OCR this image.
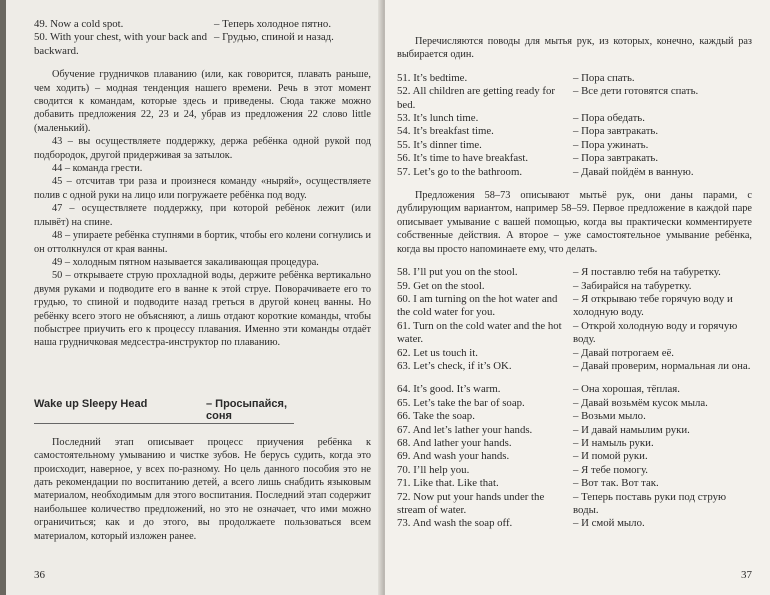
49. Now a cold spot.	– Теперь холодное пятно.
50. With your chest, with your back and backward.
– Грудью, спиной и назад.

Обучение грудничков плаванию (или, как говорится, плавать раньше, чем ходить) – модная тенденция нашего времени. Речь в этот момент сводится к командам, которые здесь и приведены. Сюда также можно добавить предложения 22, 23 и 24, убрав из предложения 22 слово little (маленький).

43 – вы осуществляете поддержку, держа ребёнка одной рукой под подбородок, другой придерживая за затылок.

44 – команда грести.

45 – отсчитав три раза и произнеся команду «ныряй», осуществляете полив с одной руки на лицо или погружаете ребёнка под воду.

47 – осуществляете поддержку, при которой ребёнок лежит (или плывёт) на спине.

48 – упираете ребёнка ступнями в бортик, чтобы его колени согнулись и он оттолкнулся от края ванны.

49 – холодным пятном называется закаливающая процедура.

50 – открываете струю прохладной воды, держите ребёнка вертикально двумя руками и подводите его в ванне к этой струе. Поворачиваете его то грудью, то спиной и подводите назад греться в другой конец ванны. Но ребёнку всего этого не объясняют, а лишь отдают короткие команды, чтобы побыстрее приучить его к процессу плавания. Именно эти команды отдаёт наша грудничковая медсестра-инструктор по плаванию.

Wake up Sleepy Head	– Просыпайся, соня

Последний этап описывает процесс приучения ребёнка к самостоятельному умыванию и чистке зубов. Не берусь судить, когда это происходит, наверное, у всех по-разному. Но цель данного пособия это не дать рекомендации по воспитанию детей, а всего лишь снабдить языковым материалом, необходимым для этого воспитания. Последний этап содержит наибольшее количество предложений, но это не означает, что ими можно ограничиться; как и до этого, вы продолжаете пользоваться всем материалом, который изложен ранее.

36

Перечисляются поводы для мытья рук, из которых, конечно, каждый раз выбирается один.

51. It’s bedtime.	– Пора спать.
52. All children are getting ready for bed.
– Все дети готовятся спать.
53. It’s lunch time.	– Пора обедать.
54. It’s breakfast time.	– Пора завтракать.
55. It’s dinner time.	– Пора ужинать.
56. It’s time to have breakfast.	– Пора завтракать.
57. Let’s go to the bathroom.	– Давай пойдём в ванную.

Предложения 58–73 описывают мытьё рук, они даны парами, с дублирующим вариантом, например 58–59. Первое предложение в каждой паре описывает умывание с вашей помощью, когда вы практически комментируете собственные действия. А второе – уже самостоятельное умывание ребёнка, когда вы просто напоминаете ему, что делать.

58. I’ll put you on the stool.	– Я поставлю тебя на табуретку.
59. Get on the stool.	– Забирайся на табуретку.
60. I am turning on the hot water and the cold water for you.
– Я открываю тебе горячую воду и холодную воду.
61. Turn on the cold water and the hot water.
– Открой холодную воду и горячую воду.
62. Let us touch it.	– Давай потрогаем её.
63. Let’s check, if it’s OK.	– Давай проверим, нормальная ли она.
64. It’s good. It’s warm.	– Она хорошая, тёплая.
65. Let’s take the bar of soap.	– Давай возьмём кусок мыла.
66. Take the soap.	– Возьми мыло.
67. And let’s lather your hands.	– И давай намылим руки.
68. And lather your hands.	– И намыль руки.
69. And wash your hands.	– И помой руки.
70. I’ll help you.	– Я тебе помогу.
71. Like that. Like that.	– Вот так. Вот так.
72. Now put your hands under the stream of water.
– Теперь поставь руки под струю воды.
73. And wash the soap off.	– И смой мыло.
37
